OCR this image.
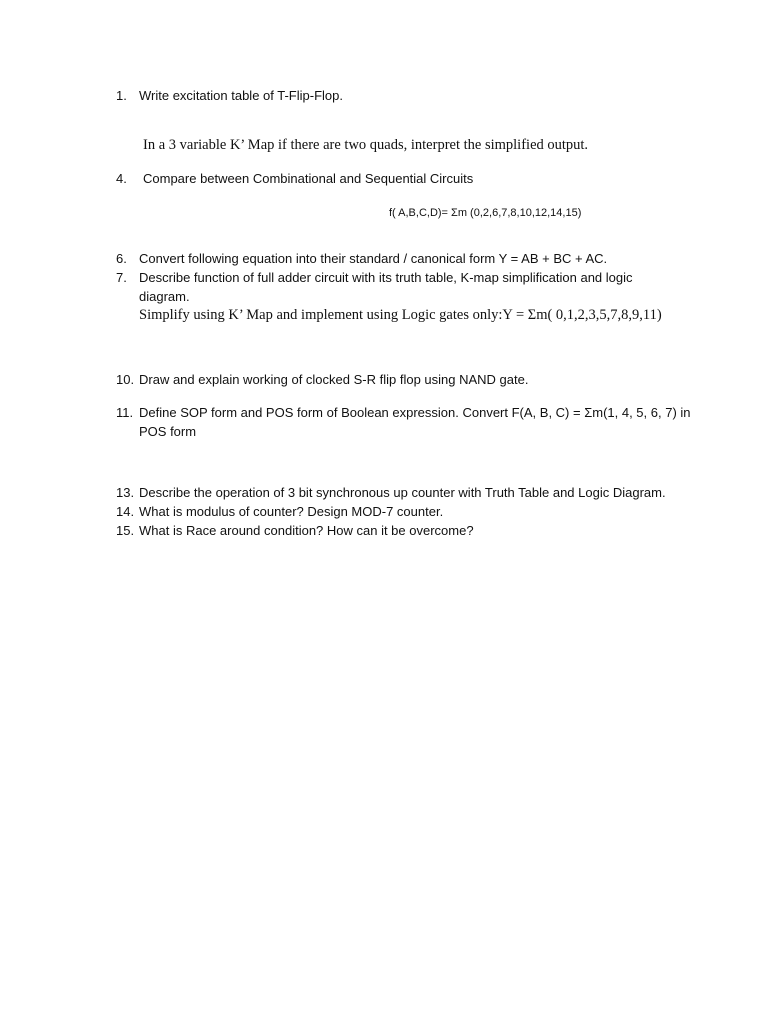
1. Write excitation table of T-Flip-Flop.
In a 3 variable K’ Map if there are two quads, interpret the simplified output.
4. Compare between Combinational and Sequential Circuits
f( A,B,C,D)= Σm (0,2,6,7,8,10,12,14,15)
6. Convert following equation into their standard / canonical form Y = AB + BC + AC.
7. Describe function of full adder circuit with its truth table, K-map simplification and logic
diagram.
Simplify using K’ Map and implement using Logic gates only:Y = Σm( 0,1,2,3,5,7,8,9,11)
10. Draw and explain working of clocked S-R flip flop using NAND gate.
11. Define SOP form and POS form of Boolean expression. Convert F(A, B, C) = Σm(1, 4, 5, 6, 7) in
POS form
13. Describe the operation of 3 bit synchronous up counter with Truth Table and Logic Diagram.
14. What is modulus of counter? Design MOD-7 counter.
15. What is Race around condition? How can it be overcome?
